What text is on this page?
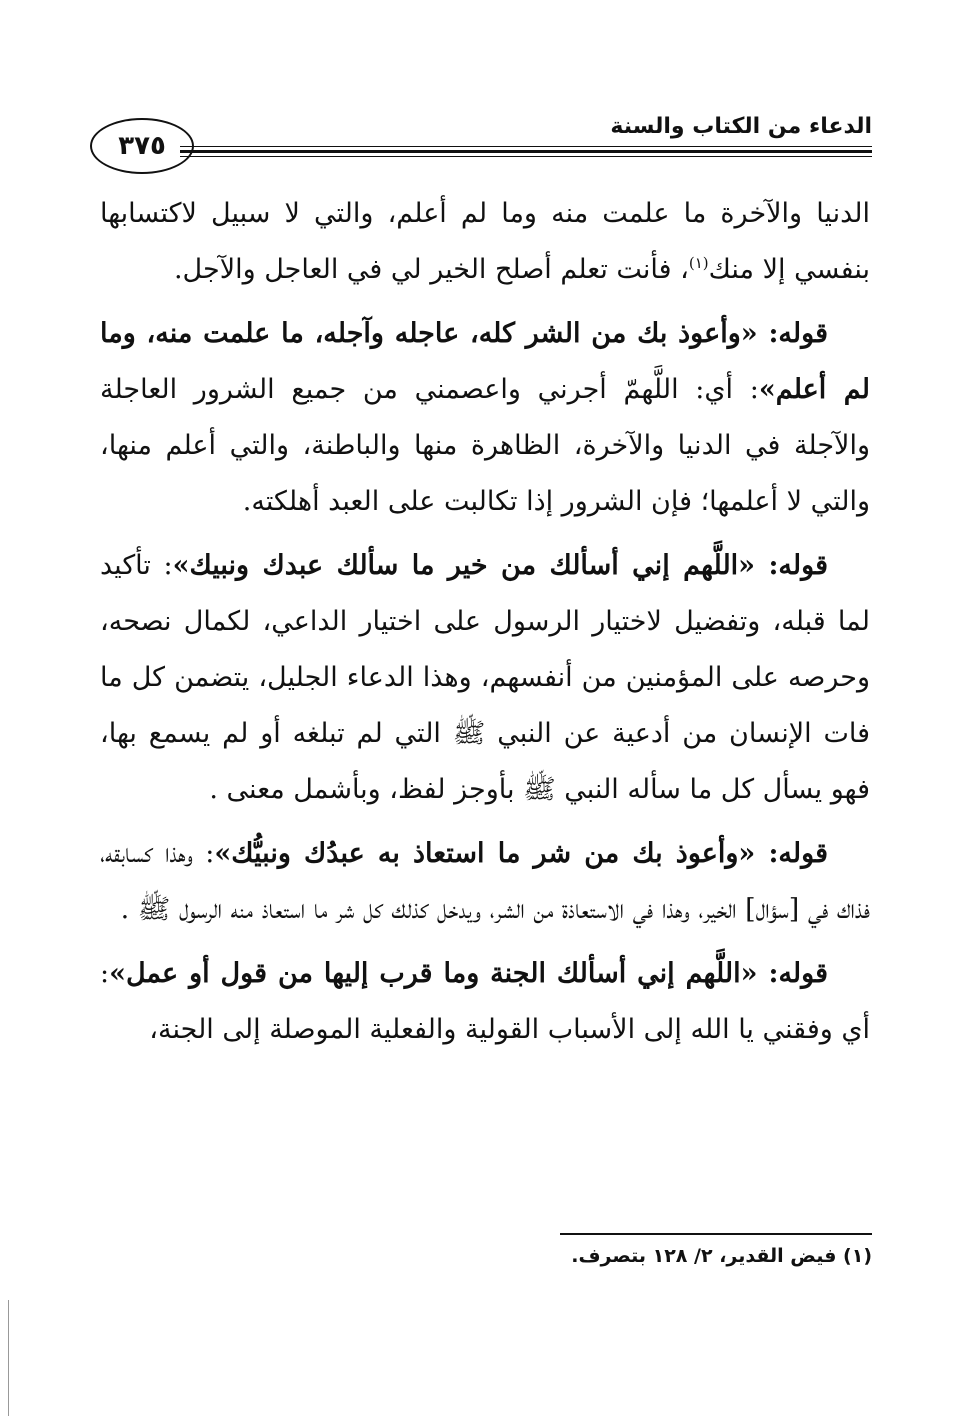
الدعاء من الكتاب والسنة
٣٧٥

الدنيا والآخرة ما علمت منه وما لم أعلم، والتي لا سبيل لاكتسابها بنفسي إلا منك$^{(١)}$، فأنت تعلم أصلح الخير لي في العاجل والآجل.

قوله: «وأعوذ بك من الشر كله، عاجله وآجله، ما علمت منه، وما لم أعلم»: أي: اللَّهمّ أجرني واعصمني من جميع الشرور العاجلة والآجلة في الدنيا والآخرة، الظاهرة منها والباطنة، والتي أعلم منها، والتي لا أعلمها؛ فإن الشرور إذا تكالبت على العبد أهلكته.

قوله: «اللَّهم إني أسألك من خير ما سألك عبدك ونبيك»: تأكيد لما قبله، وتفضيل لاختيار الرسول على اختيار الداعي، لكمال نصحه، وحرصه على المؤمنين من أنفسهم، وهذا الدعاء الجليل، يتضمن كل ما فات الإنسان من أدعية عن النبي ﷺ التي لم تبلغه أو لم يسمع بها، فهو يسأل كل ما سأله النبي ﷺ بأوجز لفظ، وبأشمل معنى .

قوله: «وأعوذ بك من شر ما استعاذ به عبدُك ونبيُّك»: وهذا كسابقه، فذاك في [سؤال] الخير، وهذا في الاستعاذة من الشر، ويدخل كذلك كل شر ما استعاذ منه الرسول ﷺ .

قوله: «اللَّهم إني أسألك الجنة وما قرب إليها من قول أو عمل»: أي وفقني يا الله إلى الأسباب القولية والفعلية الموصلة إلى الجنة،

(١) فيض القدير، ٢/ ١٢٨ بتصرف.
